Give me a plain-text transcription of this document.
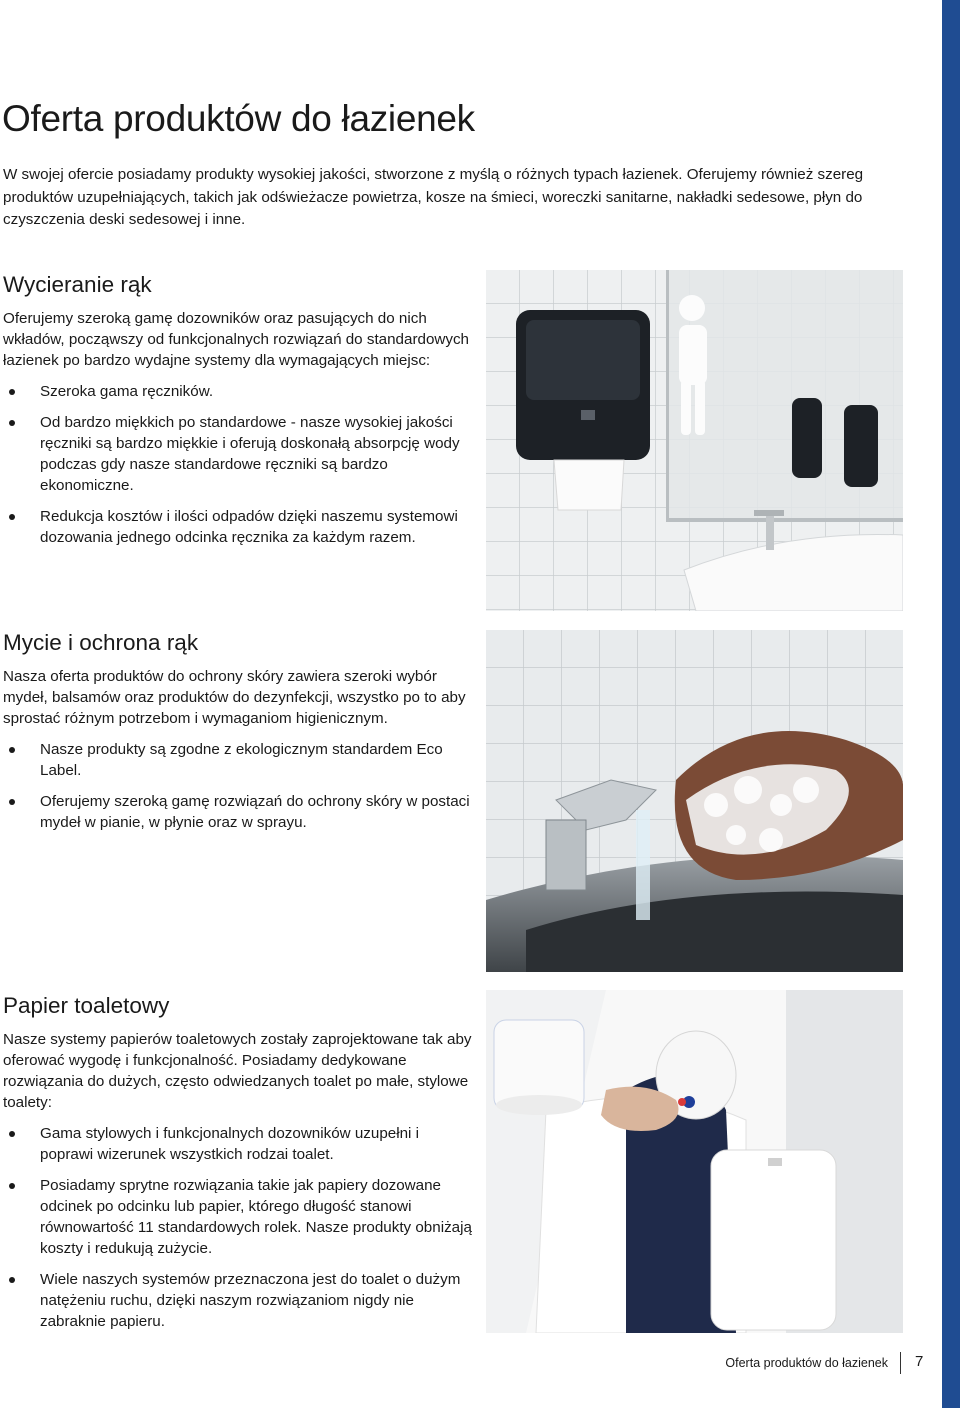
Oferta produktów do łazienek

W swojej ofercie posiadamy produkty wysokiej jakości, stworzone z myślą o różnych typach łazienek. Oferujemy również szereg produktów uzupełniających, takich jak odświeżacze powietrza, kosze na śmieci, woreczki sanitarne, nakładki sedesowe, płyn do czyszczenia deski sedesowej i inne.

Wycieranie rąk

Oferujemy szeroką gamę dozowników oraz pasujących do nich wkładów, począwszy od funkcjonalnych rozwiązań do standardowych łazienek po bardzo wydajne systemy dla wymagających miejsc:

Szeroka gama ręczników.
Od bardzo miękkich po standardowe - nasze wysokiej jakości ręczniki są bardzo miękkie i oferują doskonałą absorpcję wody podczas gdy nasze standardowe ręczniki są bardzo ekonomiczne.
Redukcja kosztów i ilości odpadów dzięki naszemu systemowi dozowania jednego odcinka ręcznika za każdym razem.
Mycie i ochrona rąk

Nasza oferta produktów do ochrony skóry zawiera szeroki wybór mydeł, balsamów oraz produktów do dezynfekcji, wszystko po to aby sprostać różnym potrzebom i wymaganiom higienicznym.

Nasze produkty są zgodne z ekologicznym standardem Eco Label.
Oferujemy szeroką gamę rozwiązań do ochrony skóry w postaci mydeł w pianie, w płynie oraz w sprayu.
Papier toaletowy

Nasze systemy papierów toaletowych zostały zaprojektowane tak aby oferować wygodę i funkcjonalność. Posiadamy dedykowane rozwiązania do dużych, często odwiedzanych toalet po małe, stylowe toalety:

Gama stylowych i funkcjonalnych dozowników uzupełni i poprawi wizerunek wszystkich rodzai toalet.
Posiadamy sprytne rozwiązania takie jak papiery dozowane odcinek po odcinku lub papier, którego długość stanowi równowartość 11 standardowych rolek. Nasze produkty obniżają koszty i redukują zużycie.
Wiele naszych systemów przeznaczona jest do toalet o dużym natężeniu ruchu, dzięki naszym rozwiązaniom nigdy nie zabraknie papieru.
Oferta produktów do łazienek 7
